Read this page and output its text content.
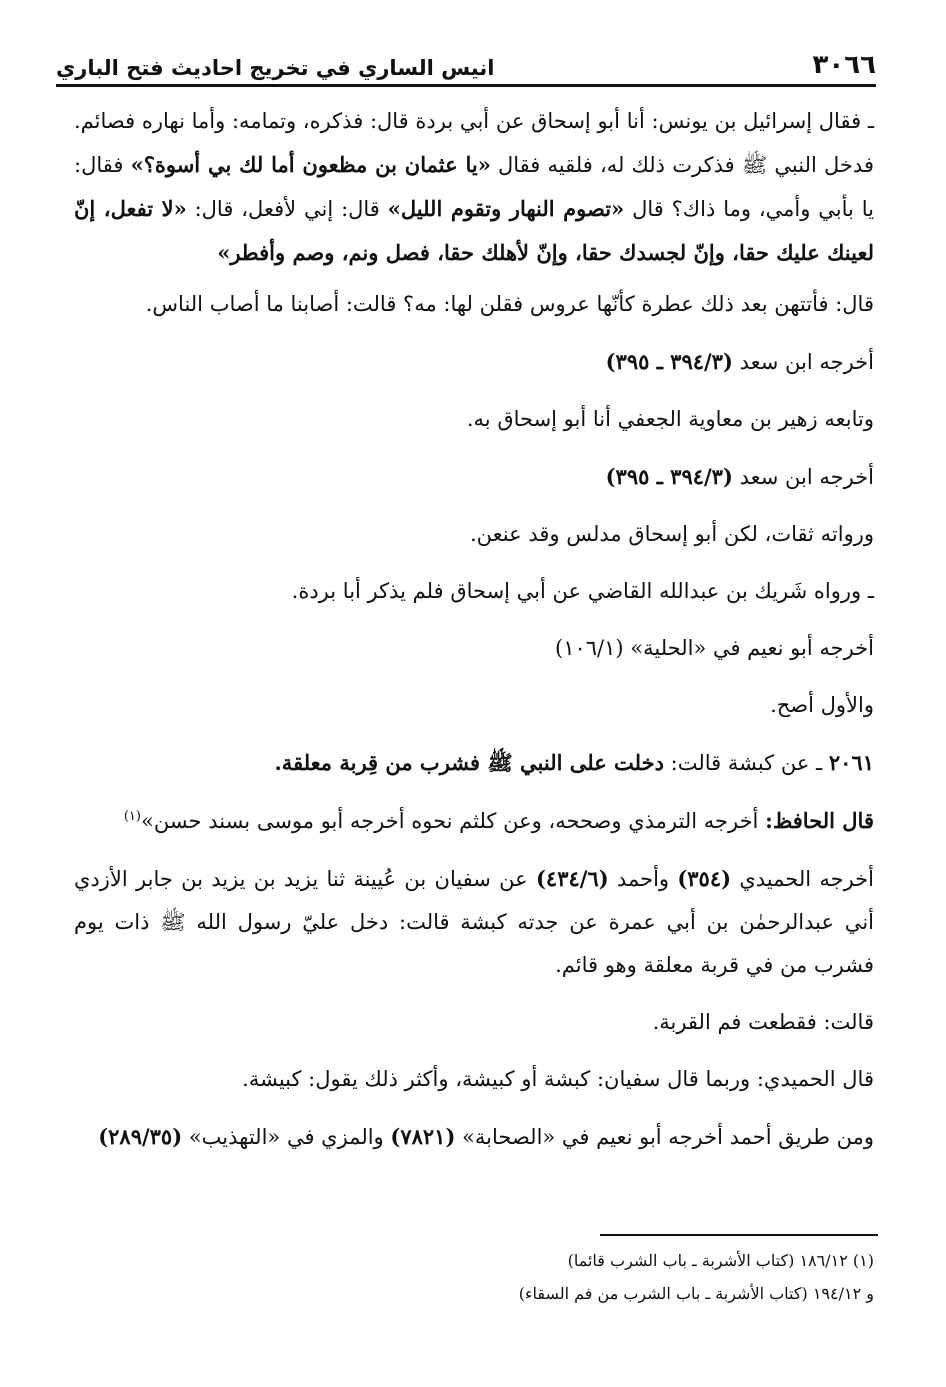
٣٠٦٦
انيس الساري في تخريج احاديث فتح الباري

ـ فقال إسرائيل بن يونس: أنا أبو إسحاق عن أبي بردة قال: فذكره، وتمامه: وأما نهاره فصائم. فدخل النبي ﷺ فذكرت ذلك له، فلقيه فقال «يا عثمان بن مظعون أما لك بي أسوة؟» فقال: يا بأبي وأمي، وما ذاك؟ قال «تصوم النهار وتقوم الليل» قال: إني لأفعل، قال: «لا تفعل، إنّ لعينك عليك حقا، وإنّ لجسدك حقا، وإنّ لأهلك حقا، فصل ونم، وصم وأفطر»

قال: فأتتهن بعد ذلك عطرة كأنّها عروس فقلن لها: مه؟ قالت: أصابنا ما أصاب الناس.

أخرجه ابن سعد (٣٩٤/٣ ـ ٣٩٥)

وتابعه زهير بن معاوية الجعفي أنا أبو إسحاق به.

أخرجه ابن سعد (٣٩٤/٣ ـ ٣٩٥)

ورواته ثقات، لكن أبو إسحاق مدلس وقد عنعن.

ـ ورواه شَريك بن عبدالله القاضي عن أبي إسحاق فلم يذكر أبا بردة.

أخرجه أبو نعيم في «الحلية» (١٠٦/١)

والأول أصح.

٢٠٦١ ـ عن كبشة قالت: دخلت على النبي ﷺ فشرب من قِربة معلقة.

قال الحافظ: أخرجه الترمذي وصححه، وعن كلثم نحوه أخرجه أبو موسى بسند حسن»$^{(١)}$

أخرجه الحميدي (٣٥٤) وأحمد (٤٣٤/٦) عن سفيان بن عُيينة ثنا يزيد بن يزيد بن جابر الأزدي أني عبدالرحمٰن بن أبي عمرة عن جدته كبشة قالت: دخل عليّ رسول الله ﷺ ذات يوم فشرب من في قربة معلقة وهو قائم.

قالت: فقطعت فم القربة.

قال الحميدي: وربما قال سفيان: كبشة أو كبيشة، وأكثر ذلك يقول: كبيشة.

ومن طريق أحمد أخرجه أبو نعيم في «الصحابة» (٧٨٢١) والمزي في «التهذيب» (٢٨٩/٣٥)

(١) ١٨٦/١٢ (كتاب الأشربة ـ باب الشرب قائما)
و ١٩٤/١٢ (كتاب الأشربة ـ باب الشرب من فم السقاء)
